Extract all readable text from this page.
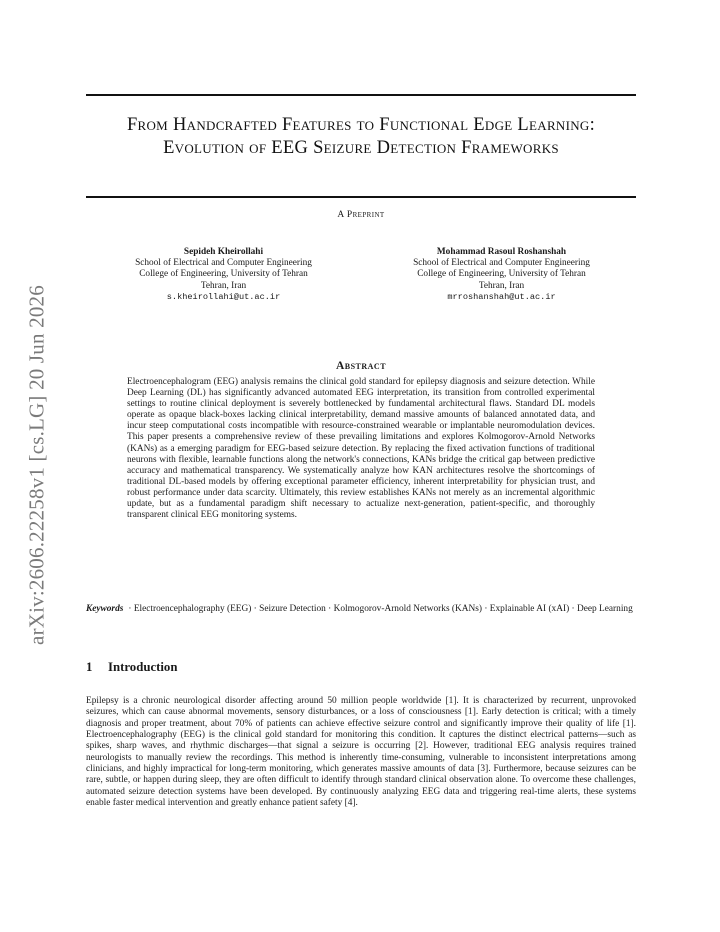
arXiv:2606.22258v1 [cs.LG] 20 Jun 2026
From Handcrafted Features to Functional Edge Learning: Evolution of EEG Seizure Detection Frameworks
A Preprint
Sepideh Kheirollahi
School of Electrical and Computer Engineering
College of Engineering, University of Tehran
Tehran, Iran
s.kheirollahi@ut.ac.ir
Mohammad Rasoul Roshanshah
School of Electrical and Computer Engineering
College of Engineering, University of Tehran
Tehran, Iran
mrroshanshah@ut.ac.ir
Abstract
Electroencephalogram (EEG) analysis remains the clinical gold standard for epilepsy diagnosis and seizure detection. While Deep Learning (DL) has significantly advanced automated EEG interpretation, its transition from controlled experimental settings to routine clinical deployment is severely bottlenecked by fundamental architectural flaws. Standard DL models operate as opaque black-boxes lacking clinical interpretability, demand massive amounts of balanced annotated data, and incur steep computational costs incompatible with resource-constrained wearable or implantable neuromodulation devices. This paper presents a comprehensive review of these prevailing limitations and explores Kolmogorov-Arnold Networks (KANs) as a emerging paradigm for EEG-based seizure detection. By replacing the fixed activation functions of traditional neurons with flexible, learnable functions along the network's connections, KANs bridge the critical gap between predictive accuracy and mathematical transparency. We systematically analyze how KAN architectures resolve the shortcomings of traditional DL-based models by offering exceptional parameter efficiency, inherent interpretability for physician trust, and robust performance under data scarcity. Ultimately, this review establishes KANs not merely as an incremental algorithmic update, but as a fundamental paradigm shift necessary to actualize next-generation, patient-specific, and thoroughly transparent clinical EEG monitoring systems.
Keywords · Electroencephalography (EEG) · Seizure Detection · Kolmogorov-Arnold Networks (KANs) · Explainable AI (xAI) · Deep Learning
1 Introduction
Epilepsy is a chronic neurological disorder affecting around 50 million people worldwide [1]. It is characterized by recurrent, unprovoked seizures, which can cause abnormal movements, sensory disturbances, or a loss of consciousness [1]. Early detection is critical; with a timely diagnosis and proper treatment, about 70% of patients can achieve effective seizure control and significantly improve their quality of life [1]. Electroencephalography (EEG) is the clinical gold standard for monitoring this condition. It captures the distinct electrical patterns—such as spikes, sharp waves, and rhythmic discharges—that signal a seizure is occurring [2]. However, traditional EEG analysis requires trained neurologists to manually review the recordings. This method is inherently time-consuming, vulnerable to inconsistent interpretations among clinicians, and highly impractical for long-term monitoring, which generates massive amounts of data [3]. Furthermore, because seizures can be rare, subtle, or happen during sleep, they are often difficult to identify through standard clinical observation alone. To overcome these challenges, automated seizure detection systems have been developed. By continuously analyzing EEG data and triggering real-time alerts, these systems enable faster medical intervention and greatly enhance patient safety [4].
